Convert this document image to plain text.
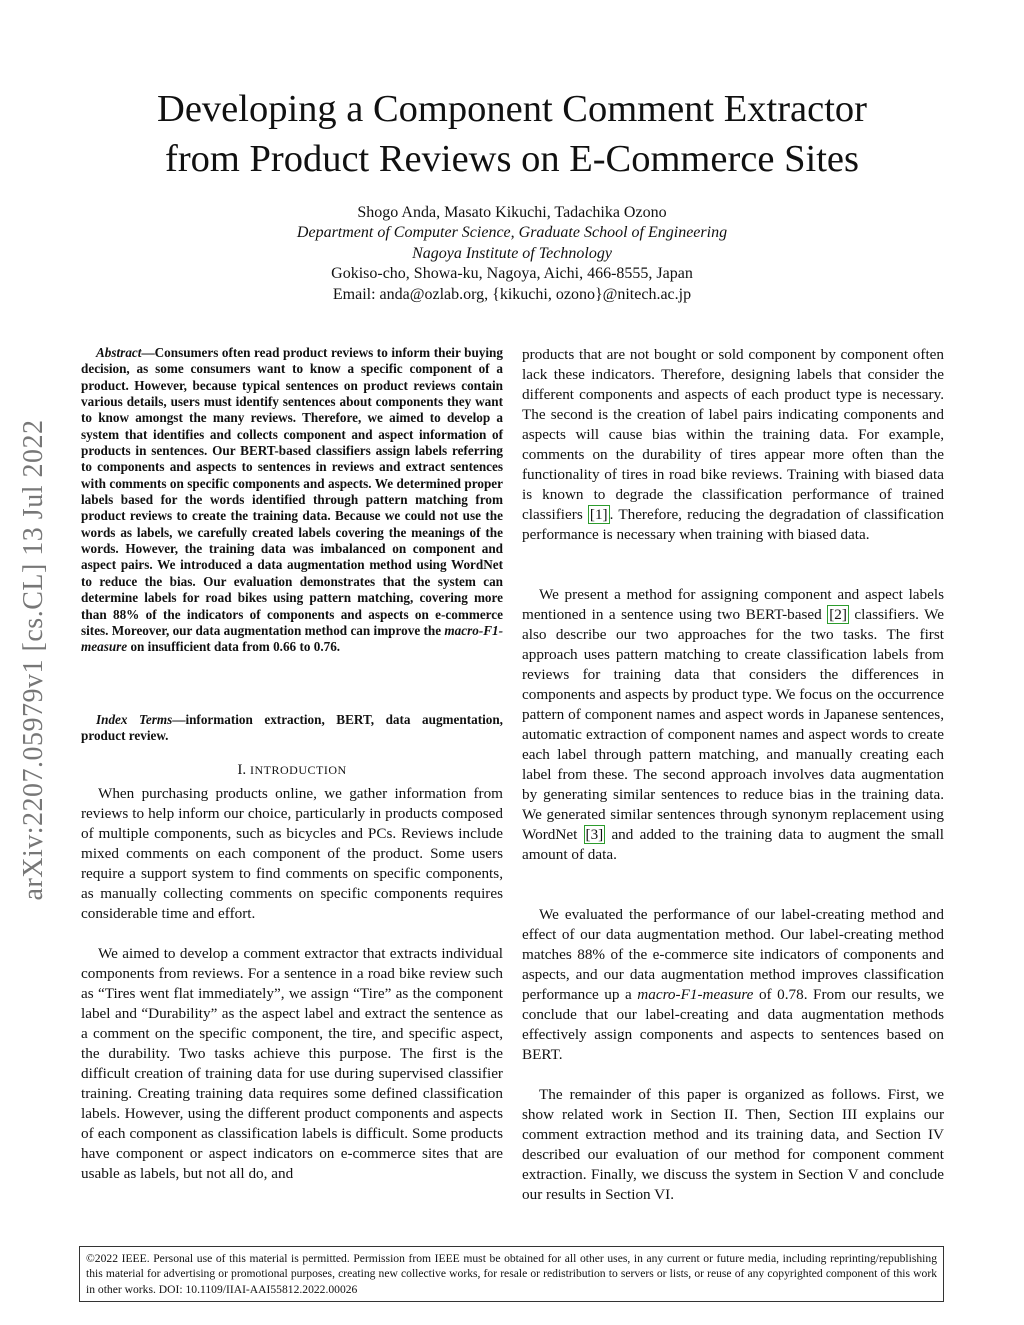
Developing a Component Comment Extractor
from Product Reviews on E-Commerce Sites
Shogo Anda, Masato Kikuchi, Tadachika Ozono
Department of Computer Science, Graduate School of Engineering
Nagoya Institute of Technology
Gokiso-cho, Showa-ku, Nagoya, Aichi, 466-8555, Japan
Email: anda@ozlab.org, {kikuchi, ozono}@nitech.ac.jp
arXiv:2207.05979v1 [cs.CL] 13 Jul 2022
Abstract—Consumers often read product reviews to inform their buying decision, as some consumers want to know a specific component of a product. However, because typical sentences on product reviews contain various details, users must identify sentences about components they want to know amongst the many reviews. Therefore, we aimed to develop a system that identifies and collects component and aspect information of products in sentences. Our BERT-based classifiers assign labels referring to components and aspects to sentences in reviews and extract sentences with comments on specific components and aspects. We determined proper labels based for the words identified through pattern matching from product reviews to create the training data. Because we could not use the words as labels, we carefully created labels covering the meanings of the words. However, the training data was imbalanced on component and aspect pairs. We introduced a data augmentation method using WordNet to reduce the bias. Our evaluation demonstrates that the system can determine labels for road bikes using pattern matching, covering more than 88% of the indicators of components and aspects on e-commerce sites. Moreover, our data augmentation method can improve the macro-F1-measure on insufficient data from 0.66 to 0.76.
Index Terms—information extraction, BERT, data augmentation, product review.
I. INTRODUCTION

When purchasing products online, we gather information from reviews to help inform our choice, particularly in products composed of multiple components, such as bicycles and PCs. Reviews include mixed comments on each component of the product. Some users require a support system to find comments on specific components, as manually collecting comments on specific components requires considerable time and effort.

We aimed to develop a comment extractor that extracts individual components from reviews. For a sentence in a road bike review such as “Tires went flat immediately”, we assign “Tire” as the component label and “Durability” as the aspect label and extract the sentence as a comment on the specific component, the tire, and specific aspect, the durability. Two tasks achieve this purpose. The first is the difficult creation of training data for use during supervised classifier training. Creating training data requires some defined classification labels. However, using the different product components and aspects of each component as classification labels is difficult. Some products have component or aspect indicators on e-commerce sites that are usable as labels, but not all do, and

products that are not bought or sold component by component often lack these indicators. Therefore, designing labels that consider the different components and aspects of each product type is necessary. The second is the creation of label pairs indicating components and aspects will cause bias within the training data. For example, comments on the durability of tires appear more often than the functionality of tires in road bike reviews. Training with biased data is known to degrade the classification performance of trained classifiers [1] . Therefore, reducing the degradation of classification performance is necessary when training with biased data.

We present a method for assigning component and aspect labels mentioned in a sentence using two BERT-based [2] classifiers. We also describe our two approaches for the two tasks. The first approach uses pattern matching to create classification labels from reviews for training data that considers the differences in components and aspects by product type. We focus on the occurrence pattern of component names and aspect words in Japanese sentences, automatic extraction of component names and aspect words to create each label through pattern matching, and manually creating each label from these. The second approach involves data augmentation by generating similar sentences to reduce bias in the training data. We generated similar sentences through synonym replacement using WordNet [3] and added to the training data to augment the small amount of data.

We evaluated the performance of our label-creating method and effect of our data augmentation method. Our label-creating method matches 88% of the e-commerce site indicators of components and aspects, and our data augmentation method improves classification performance up a macro-F1-measure of 0.78. From our results, we conclude that our label-creating and data augmentation methods effectively assign components and aspects to sentences based on BERT.

The remainder of this paper is organized as follows. First, we show related work in Section II. Then, Section III explains our comment extraction method and its training data, and Section IV described our evaluation of our method for component comment extraction. Finally, we discuss the system in Section V and conclude our results in Section VI.

©2022 IEEE. Personal use of this material is permitted. Permission from IEEE must be obtained for all other uses, in any current or future media, including reprinting/republishing this material for advertising or promotional purposes, creating new collective works, for resale or redistribution to servers or lists, or reuse of any copyrighted component of this work in other works. DOI: 10.1109/IIAI-AAI55812.2022.00026
